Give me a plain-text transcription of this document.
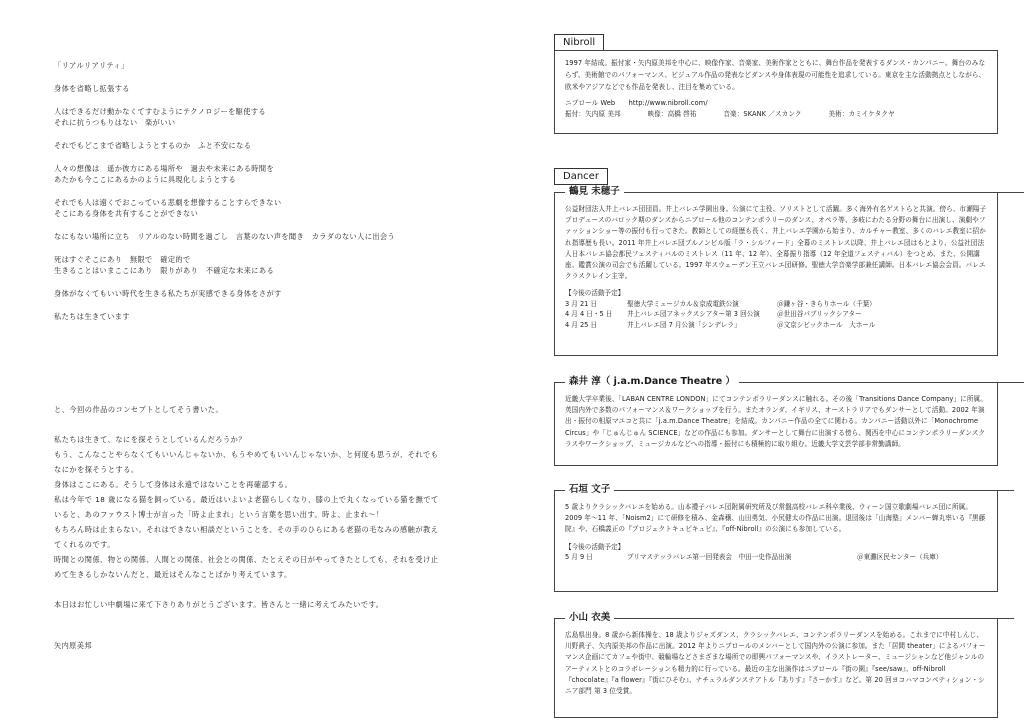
「リアルリアリティ」

身体を省略し拡張する

人はできるだけ動かなくてすむようにテクノロジーを駆使する

それに抗うつもりはない　楽がいい

それでもどこまで省略しようとするのか　ふと不安になる

人々の想像は　遥か彼方にある場所や　過去や未来にある時間を

あたかも今ここにあるかのように具現化しようとする

それでも人は遠くでおこっている悲劇を想像することすらできない

そこにある身体を共有することができない

なにもない場所に立ち　リアルのない時間を過ごし　言葉のない声を聞き　カラダのない人に出会う

死はすぐそこにあり　無限で　確定的で

生きることはいまここにあり　限りがあり　不確定な未来にある

身体がなくてもいい時代を生きる私たちが実感できる身体をさがす

私たちは生きています

と、今回の作品のコンセプトとしてそう書いた。

私たちは生きて、なにを探そうとしているんだろうか？

もう、こんなことやらなくてもいいんじゃないか、もうやめてもいいんじゃないか、と何度も思うが、それでも

なにかを探そうとする。

身体はここにある。そうして身体は永遠ではないことを再確認する。

私は今年で 18 歳になる猫を飼っている。最近はいよいよ老猫らしくなり、膝の上で丸くなっている猫を撫でて

いると、あのファウスト博士が言った「時よ止まれ」という言葉を思い出す。時よ、止まれ〜！

もちろん時は止まらない。それはできない相談だということを、その手のひらにある老猫の毛なみの感触が教え

てくれるのです。

時間との関係、物との関係、人間との関係、社会との関係、たとえその日がやってきたとしても、それを受け止

めて生きるしかないんだと、最近はそんなことばかり考えています。

本日はお忙しい中劇場に来て下さりありがとうございます。皆さんと一緒に考えてみたいです。

矢内原美邦
Nibroll

1997 年結成。振付家・矢内原美邦を中心に、映像作家、音楽家、美術作家とともに、舞台作品を発表するダンス・カンパニー。舞台のみならず、美術館でのパフォーマンス、ビジュアル作品の発表などダンスや身体表現の可能性を追求している。東京を主な活動拠点としながら、欧米やアジアなどでも作品を発表し、注目を集めている。

ニブロール Web　　 http://www.nibroll.com/

振付：矢内原 美邦　　　　映像：高橋 啓祐　　　　音楽：SKANK ／スカンク　　　　美術：カミイケタクヤ

Dancer
鶴見 未穂子

公益財団法人井上バレエ団団員。井上バレエ学園出身。公演にて主役、ソリストとして活躍。多く海外有名ゲストらと共演。傍ら、市瀬陽子プロデュースのバロック期のダンスからニブロール他のコンテンポラリーのダンス、オペラ等、多岐にわたる分野の舞台に出演し、演劇やファッションショー等の振付も行ってきた。教師としての経歴も長く、井上バレエ学園から始まり、カルチャー教室、多くのバレエ教室に招かれ指導歴も長い。2011 年井上バレエ団ブルノンビル版「ラ・シルフィード」全幕のミストレス以降、井上バレエ団はもとより、公益社団法人日本バレエ協会都民フェスティバルのミストレス（11 年、12 年）、全幕振り指導（12 年全道フェスティバル）をつとめ、また、公開講座、鑑賞公演の司会でも活躍している。1997 年スウェーデン王立バレエ団研修。聖徳大学音楽学部兼任講師。日本バレエ協会会員。バレエクラスクレイン主宰。

【今後の活動予定】

3 月 21 日	聖徳大学ミュージカル＆京成電鉄公演	＠鎌ヶ谷・きらりホール（千葉）
4 月 4 日・5 日	井上バレエ団アネックスシアター第 3 回公演	＠世田谷パブリックシアター
4 月 25 日	井上バレエ団 7 月公演「シンデレラ」	＠文京シビックホール　大ホール
森井 淳（ j.a.m.Dance Theatre ）

近畿大学卒業後、「LABAN CENTRE LONDON」にてコンテンポラリーダンスに触れる。その後「Transitions Dance Company」に所属。英国内外で多数のパフォーマンス＆ワークショップを行う。またオランダ、イギリス、オーストラリアでもダンサーとして活動。2002 年演出・振付の相原マユコと共に「j.a.m.Dance Theatre」を結成。カンパニー作品の全てに関わる。カンパニー活動以外に「Monochrome Circus」や「じゅんじゅん SCIENCE」などの作品にも参加。ダンサーとして舞台に出演する傍ら、関西を中心にコンテンポラリーダンスクラスやワークショップ、ミュージカルなどへの指導・振付にも積極的に取り組む。近畿大学文芸学部非常勤講師。

石垣 文子

5 歳よりクラシックバレエを始める。山本禮子バレエ団附属研究所及び常盤高校バレエ科卒業後、ウィーン国立歌劇場バレエ団に所属。2009 年〜11 年、「Noism2」にて研修を積み、金森穣、山田勇気、小尻健太の作品に出演。退団後は「山海塾」メンバー蝉丸率いる『黒藤院』や、石橋義正の『プロジェクトキュピキュピ』、『off-Nibroll』の公演にも参加している。

【今後の活動予定】

5 月 9 日	プリマステッラバレエ第一回発表会　中田一史作品出演	＠東灘区民センター（兵庫）
小山 衣美

広島県出身。8 歳から新体操を、18 歳よりジャズダンス、クラシックバレエ、コンテンポラリーダンスを始める。これまでに中村しんじ、川野眞子、矢内原美邦の作品に出演。2012 年よりニブロールのメンバーとして国内外の公演に参加。また「居間 theater」によるパフォーマンス企画にてカフェや街中、競輪場などさまざまな場所での即興パフォーマンスや、イラストレーター、ミュージシャンなど他ジャンルのアーティストとのコラボレーションも精力的に行っている。最近の主な出演作はニブロール『街の園』『see/saw』、off-Nibroll『chocolate』『a flower』『街にひそむ』、ナチュラルダンステアトル『ありす』『さーかす』など。第 20 回ヨコハマコンペティション・シニア部門 第 3 位受賞。
